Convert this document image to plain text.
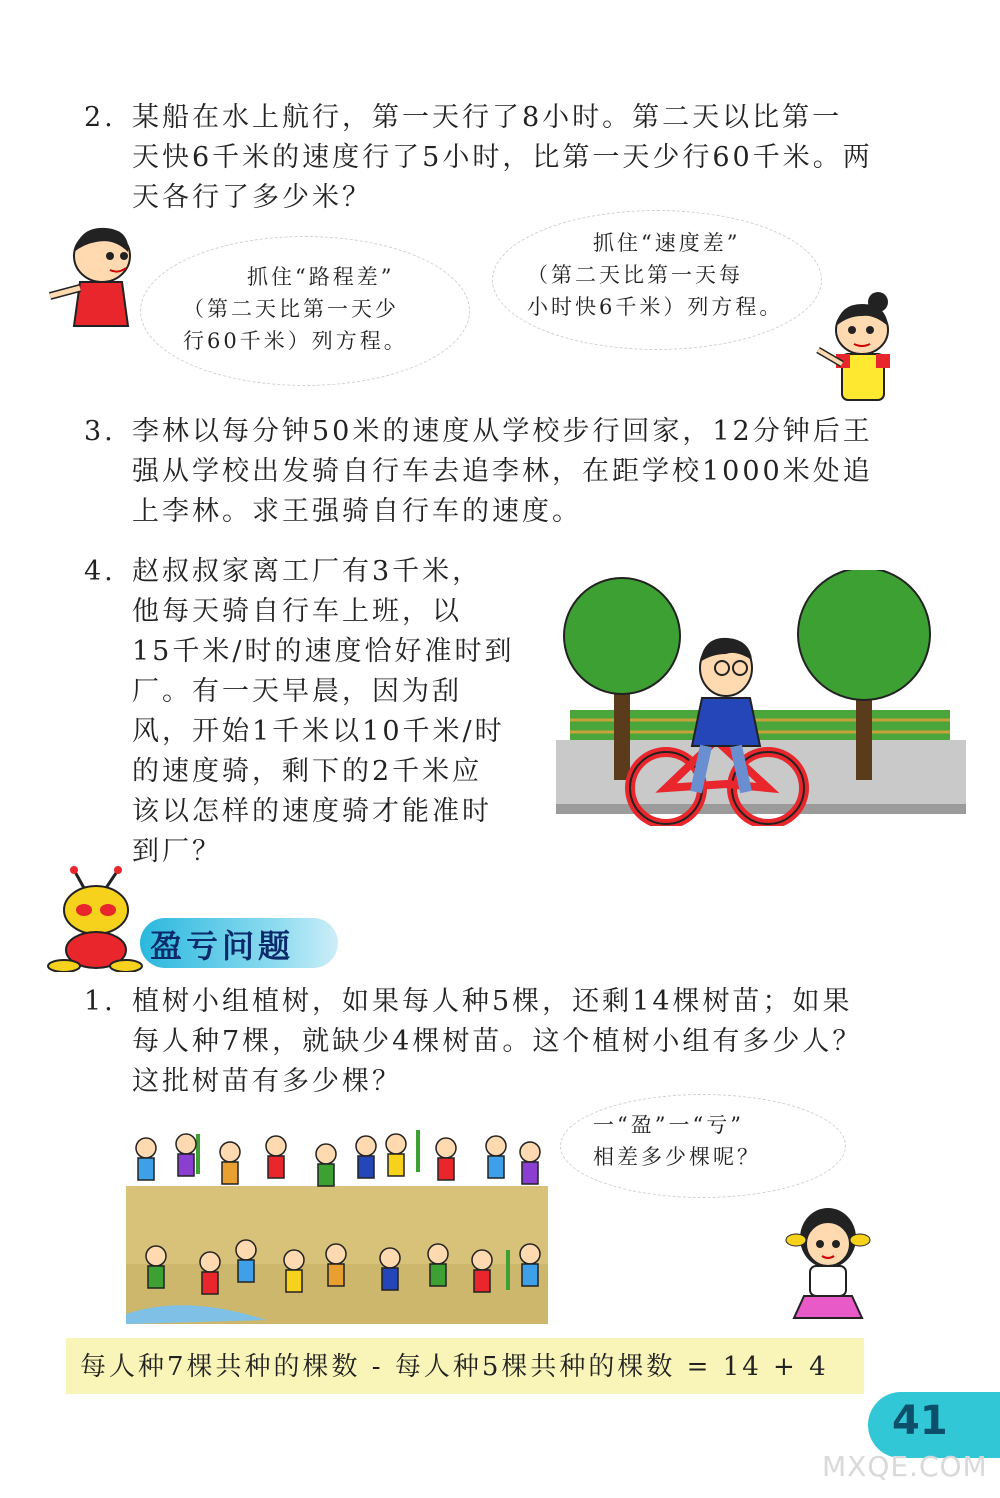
2. 某船在水上航行，第一天行了8小时。第二天以比第一
天快6千米的速度行了5小时，比第一天少行60千米。两
天各行了多少米？
抓住“路程差”
（第二天比第一天少
行60千米）列方程。
抓住“速度差”
（第二天比第一天每
小时快6千米）列方程。
3. 李林以每分钟50米的速度从学校步行回家，12分钟后王
强从学校出发骑自行车去追李林，在距学校1000米处追
上李林。求王强骑自行车的速度。
4. 赵叔叔家离工厂有3千米，
他每天骑自行车上班，以
15千米/时的速度恰好准时到
厂。有一天早晨，因为刮
风，开始1千米以10千米/时
的速度骑，剩下的2千米应
该以怎样的速度骑才能准时
到厂？
盈亏问题
1. 植树小组植树，如果每人种5棵，还剩14棵树苗；如果
每人种7棵，就缺少4棵树苗。这个植树小组有多少人？
这批树苗有多少棵？
一“盈”一“亏”
相差多少棵呢？
每人种7棵共种的棵数 - 每人种5棵共种的棵数 = 14 + 4
41
MXQE.COM
